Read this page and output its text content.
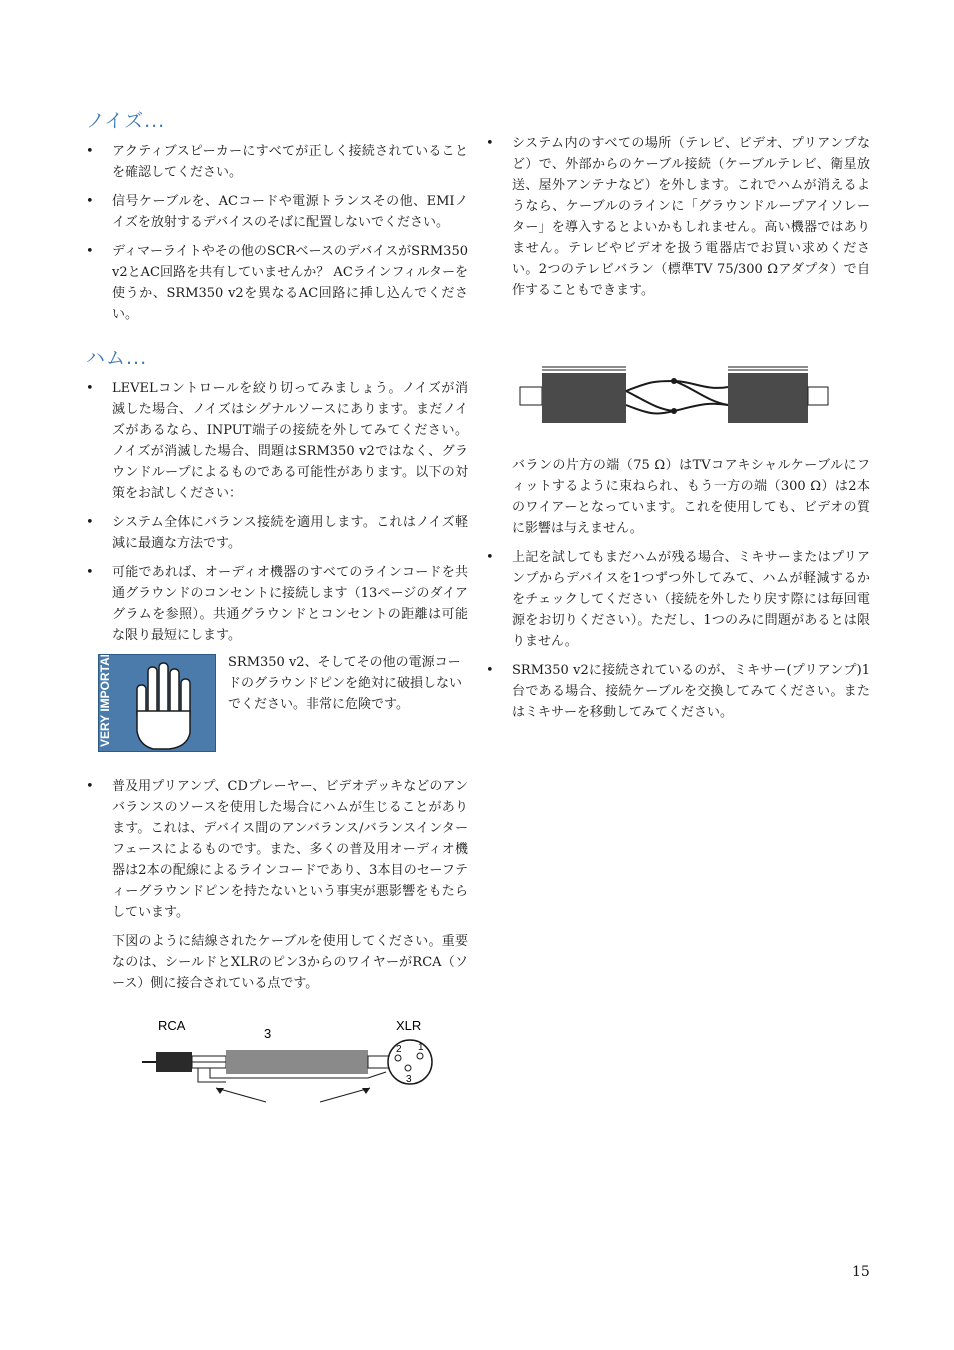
ノイズ...
• アクティブスピーカーにすべてが正しく接続されていることを確認してください。
• 信号ケーブルを、ACコードや電源トランスその他、EMIノイズを放射するデバイスのそばに配置しないでください。
• ディマーライトやその他のSCRベースのデバイスがSRM350 v2とAC回路を共有していませんか？ ACラインフィルターを使うか、SRM350 v2を異なるAC回路に挿し込んでください。
ハム...
• LEVELコントロールを絞り切ってみましょう。ノイズが消滅した場合、ノイズはシグナルソースにあります。まだノイズがあるなら、INPUT端子の接続を外してみてください。ノイズが消滅した場合、問題はSRM350 v2ではなく、グラウンドループによるものである可能性があります。以下の対策をお試しください：
• システム全体にバランス接続を適用します。これはノイズ軽減に最適な方法です。
• 可能であれば、オーディオ機器のすべてのラインコードを共通グラウンドのコンセントに接続します（13ページのダイアグラムを参照）。共通グラウンドとコンセントの距離は可能な限り最短にします。
VERY IMPORTANT	SRM350 v2、そしてその他の電源コードのグラウンドピンを絶対に破損しないでください。非常に危険です。
• 普及用プリアンプ、CDプレーヤー、ビデオデッキなどのアンバランスのソースを使用した場合にハムが生じることがあります。これは、デバイス間のアンバランス/バランスインターフェースによるものです。また、多くの普及用オーディオ機器は2本の配線によるラインコードであり、3本目のセーフティーグラウンドピンを持たないという事実が悪影響をもたらしています。

下図のように結線されたケーブルを使用してください。重要なのは、シールドとXLRのピン3からのワイヤーがRCA（ソース）側に接合されている点です。

RCA
3
XLR
2 1
3
• システム内のすべての場所（テレビ、ビデオ、プリアンプなど）で、外部からのケーブル接続（ケーブルテレビ、衛星放送、屋外アンテナなど）を外します。これでハムが消えるようなら、ケーブルのラインに「グラウンドループアイソレーター」を導入するとよいかもしれません。高い機器ではありません。テレビやビデオを扱う電器店でお買い求めください。2つのテレビバラン（標準TV 75/300 Ωアダプタ）で自作することもできます。

バランの片方の端（75 Ω）はTVコアキシャルケーブルにフィットするように束ねられ、もう一方の端（300 Ω）は2本のワイアーとなっています。これを使用しても、ビデオの質に影響は与えません。

• 上記を試してもまだハムが残る場合、ミキサーまたはプリアンプからデバイスを1つずつ外してみて、ハムが軽減するかをチェックしてください（接続を外したり戻す際には毎回電源をお切りください）。ただし、1つのみに問題があるとは限りません。
• SRM350 v2に接続されているのが、ミキサー(プリアンプ)1台である場合、接続ケーブルを交換してみてください。またはミキサーを移動してみてください。
15
